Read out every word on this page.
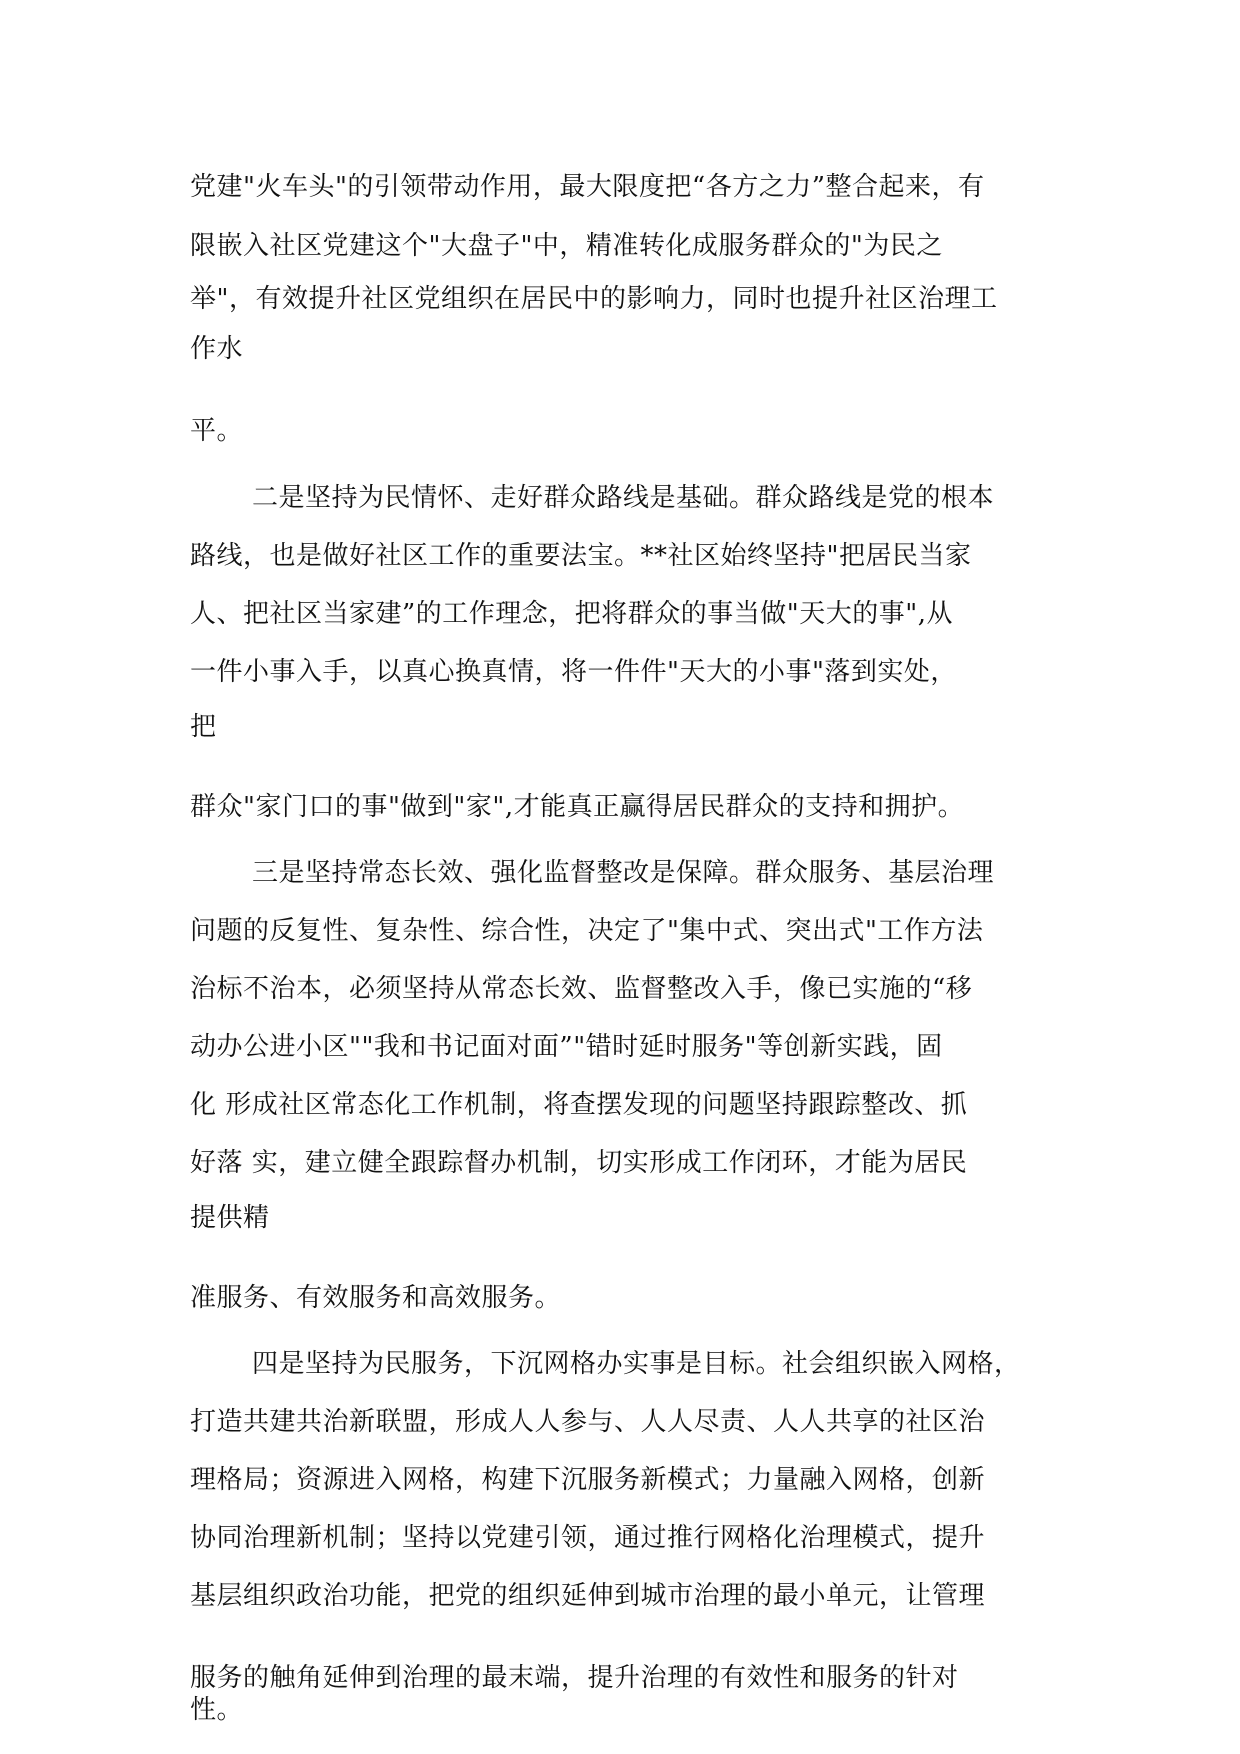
党建"火车头"的引领带动作用，最大限度把“各方之力”整合起来，有
限嵌入社区党建这个"大盘子"中，精准转化成服务群众的"为民之
举"，有效提升社区党组织在居民中的影响力，同时也提升社区治理工
作水
平。
二是坚持为民情怀、走好群众路线是基础。群众路线是党的根本
路线，也是做好社区工作的重要法宝。**社区始终坚持"把居民当家
人、把社区当家建”的工作理念，把将群众的事当做"天大的事",从
一件小事入手，以真心换真情，将一件件"天大的小事"落到实处，
把
群众"家门口的事"做到"家",才能真正赢得居民群众的支持和拥护。
三是坚持常态长效、强化监督整改是保障。群众服务、基层治理
问题的反复性、复杂性、综合性，决定了"集中式、突出式"工作方法
治标不治本，必须坚持从常态长效、监督整改入手，像已实施的“移
动办公进小区""我和书记面对面”"错时延时服务"等创新实践，固
化 形成社区常态化工作机制，将查摆发现的问题坚持跟踪整改、抓
好落 实，建立健全跟踪督办机制，切实形成工作闭环，才能为居民
提供精
准服务、有效服务和高效服务。
四是坚持为民服务，下沉网格办实事是目标。社会组织嵌入网格，
打造共建共治新联盟，形成人人参与、人人尽责、人人共享的社区治
理格局；资源进入网格，构建下沉服务新模式；力量融入网格，创新
协同治理新机制；坚持以党建引领，通过推行网格化治理模式，提升
基层组织政治功能，把党的组织延伸到城市治理的最小单元，让管理
服务的触角延伸到治理的最末端，提升治理的有效性和服务的针对
性。
